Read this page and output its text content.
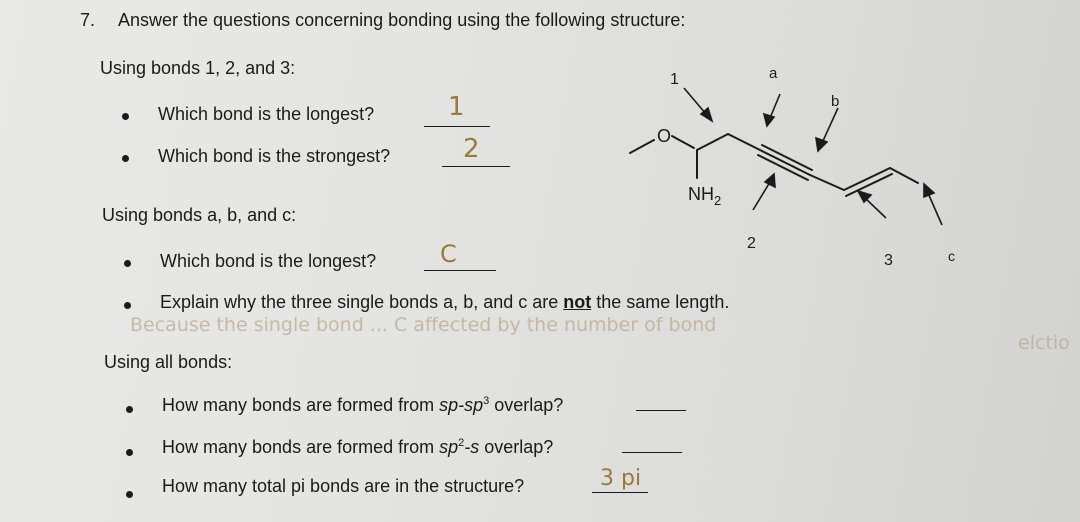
7. Answer the questions concerning bonding using the following structure:
Using bonds 1, 2, and 3:
Which bond is the longest?	1
Which bond is the strongest?	2
Using bonds a, b, and c:
Which bond is the longest?	C
Explain why the three single bonds a, b, and c are not the same length.
Because the single bond ... C affected by the number of bond
elctio
Using all bonds:
How many bonds are formed from $sp-sp^3$ overlap?
How many bonds are formed from $sp^2-s$ overlap?
How many total pi bonds are in the structure?	3 pi
O
$NH_2$
1	a
b
2
3	c
